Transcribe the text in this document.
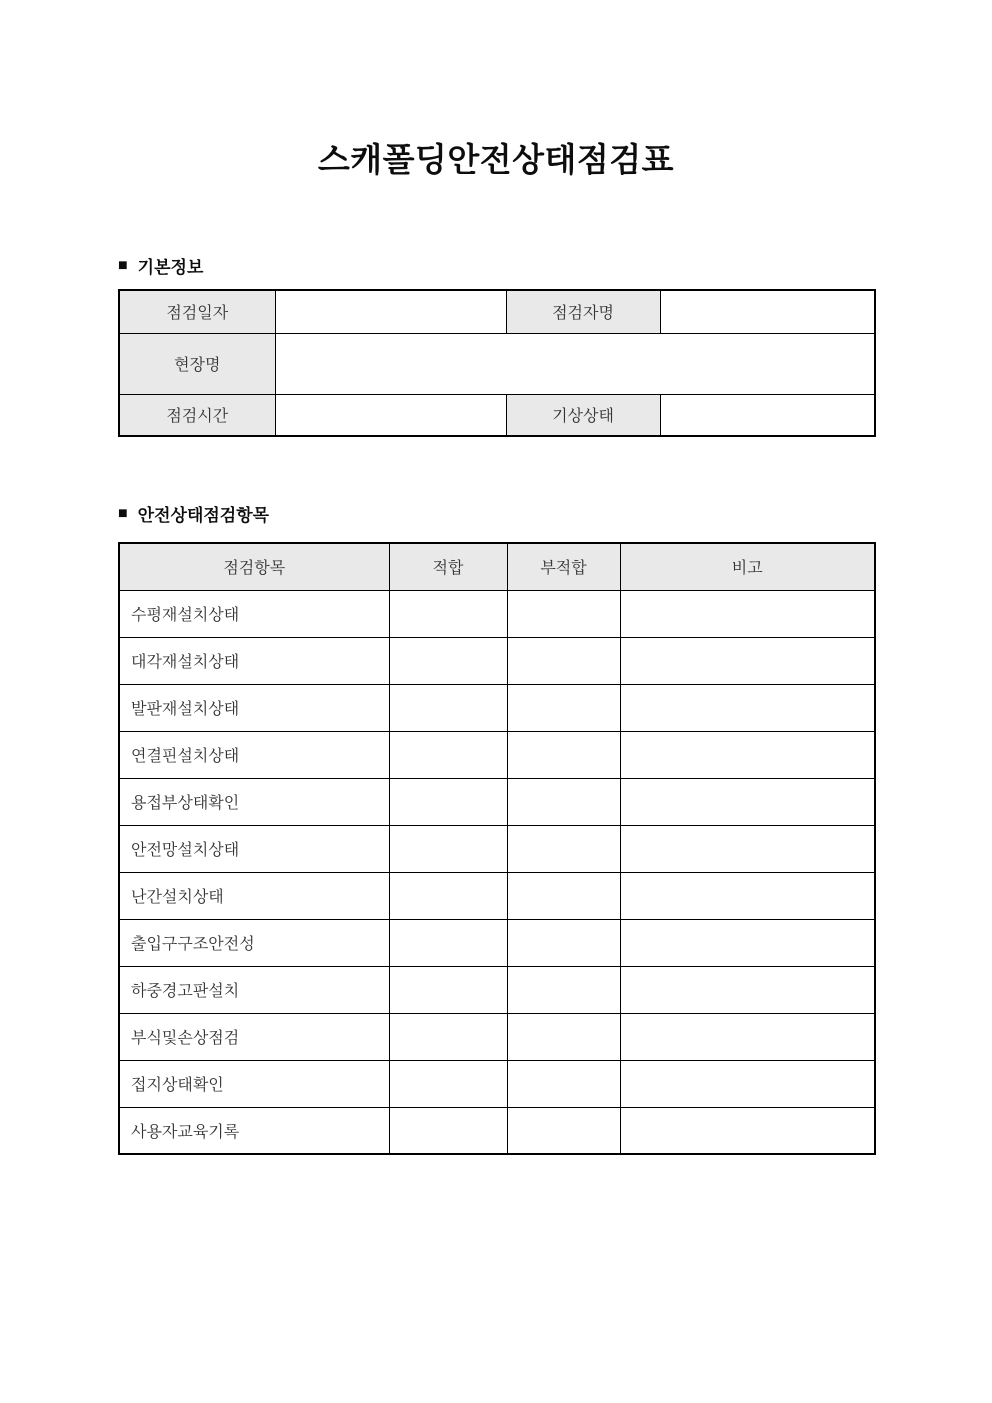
스캐폴딩안전상태점검표
■ 기본정보
점검일자		점검자명	
현장명			
점검시간		기상상태	
■ 안전상태점검항목
점검항목	적합	부적합	비고
수평재설치상태			
대각재설치상태			
발판재설치상태			
연결핀설치상태			
용접부상태확인			
안전망설치상태			
난간설치상태			
출입구구조안전성			
하중경고판설치			
부식및손상점검			
접지상태확인			
사용자교육기록			
